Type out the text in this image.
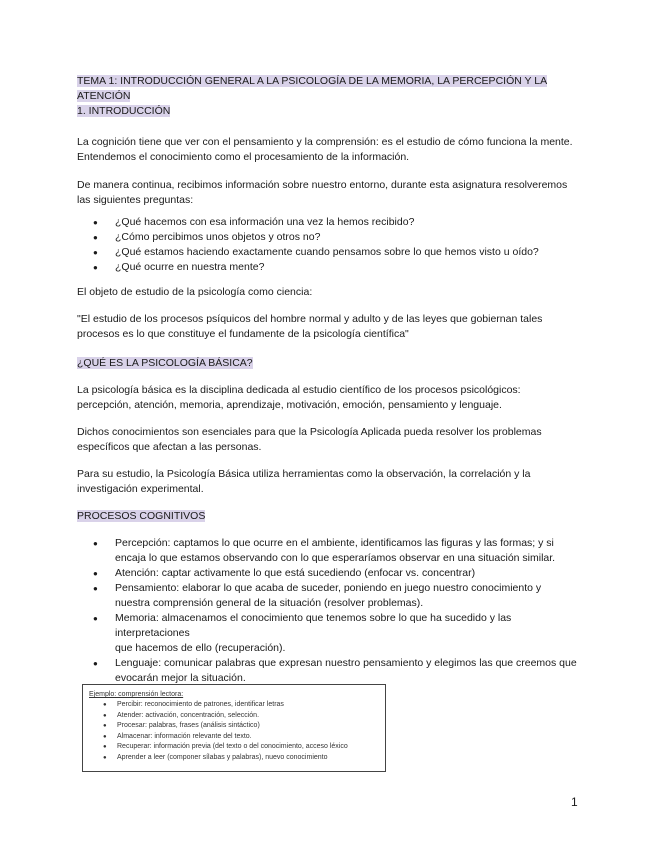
TEMA 1: INTRODUCCIÓN GENERAL A LA PSICOLOGÍA DE LA MEMORIA, LA PERCEPCIÓN Y LA ATENCIÓN

1. INTRODUCCIÓN

La cognición tiene que ver con el pensamiento y la comprensión: es el estudio de cómo funciona la mente. Entendemos el conocimiento como el procesamiento de la información.

De manera continua, recibimos información sobre nuestro entorno, durante esta asignatura resolveremos las siguientes preguntas:

● ¿Qué hacemos con esa información una vez la hemos recibido?
● ¿Cómo percibimos unos objetos y otros no?
● ¿Qué estamos haciendo exactamente cuando pensamos sobre lo que hemos visto u oído?
● ¿Qué ocurre en nuestra mente?

El objeto de estudio de la psicología como ciencia:

"El estudio de los procesos psíquicos del hombre normal y adulto y de las leyes que gobiernan tales procesos es lo que constituye el fundamente de la psicología científica"

¿QUÉ ES LA PSICOLOGÍA BÁSICA?

La psicología básica es la disciplina dedicada al estudio científico de los procesos psicológicos: percepción, atención, memoria, aprendizaje, motivación, emoción, pensamiento y lenguaje.

Dichos conocimientos son esenciales para que la Psicología Aplicada pueda resolver los problemas específicos que afectan a las personas.

Para su estudio, la Psicología Básica utiliza herramientas como la observación, la correlación y la investigación experimental.

PROCESOS COGNITIVOS

● Percepción: captamos lo que ocurre en el ambiente, identificamos las figuras y las formas; y si encaja lo que estamos observando con lo que esperaríamos observar en una situación similar.
● Atención: captar activamente lo que está sucediendo (enfocar vs. concentrar)
● Pensamiento: elaborar lo que acaba de suceder, poniendo en juego nuestro conocimiento y nuestra comprensión general de la situación (resolver problemas).
● Memoria: almacenamos el conocimiento que tenemos sobre lo que ha sucedido y las interpretaciones
que hacemos de ello (recuperación).
● Lenguaje: comunicar palabras que expresan nuestro pensamiento y elegimos las que creemos que evocarán mejor la situación.
Ejemplo: comprensión lectora:
● Percibir: reconocimiento de patrones, identificar letras
● Atender: activación, concentración, selección.
● Procesar: palabras, frases (análisis sintáctico)
● Almacenar: información relevante del texto.
● Recuperar: información previa (del texto o del conocimiento, acceso léxico
● Aprender a leer (componer sílabas y palabras), nuevo conocimiento
1
